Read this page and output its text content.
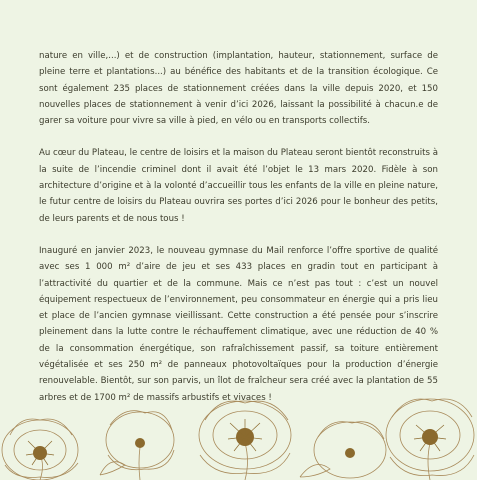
nature en ville,...) et de construction (implantation, hauteur, stationnement, surface de pleine terre et plantations...) au bénéfice des habitants et de la transition écologique. Ce sont également 235 places de stationnement créées dans la ville depuis 2020, et 150 nouvelles places de stationnement à venir d’ici 2026, laissant la possibilité à chacun.e de garer sa voiture pour vivre sa ville à pied, en vélo ou en transports collectifs.

Au cœur du Plateau, le centre de loisirs et la maison du Plateau seront bientôt reconstruits à la suite de l’incendie criminel dont il avait été l’objet le 13 mars 2020. Fidèle à son architecture d’origine et à la volonté d’accueillir tous les enfants de la ville en pleine nature, le futur centre de loisirs du Plateau ouvrira ses portes d’ici 2026 pour le bonheur des petits, de leurs parents et de nous tous !

Inauguré en janvier 2023, le nouveau gymnase du Mail renforce l’offre sportive de qualité avec ses 1 000 m² d’aire de jeu et ses 433 places en gradin tout en participant à l’attractivité du quartier et de la commune. Mais ce n’est pas tout : c’est un nouvel équipement respectueux de l’environnement, peu consommateur en énergie qui a pris lieu et place de l’ancien gymnase vieillissant. Cette construction a été pensée pour s’inscrire pleinement dans la lutte contre le réchauffement climatique, avec une réduction de 40 % de la consommation énergétique, son rafraîchissement passif, sa toiture entièrement végétalisée et ses 250 m² de panneaux photovoltaïques pour la production d’énergie renouvelable. Bientôt, sur son parvis, un îlot de fraîcheur sera créé avec la plantation de 55 arbres et de 1700 m² de massifs arbustifs et vivaces !
